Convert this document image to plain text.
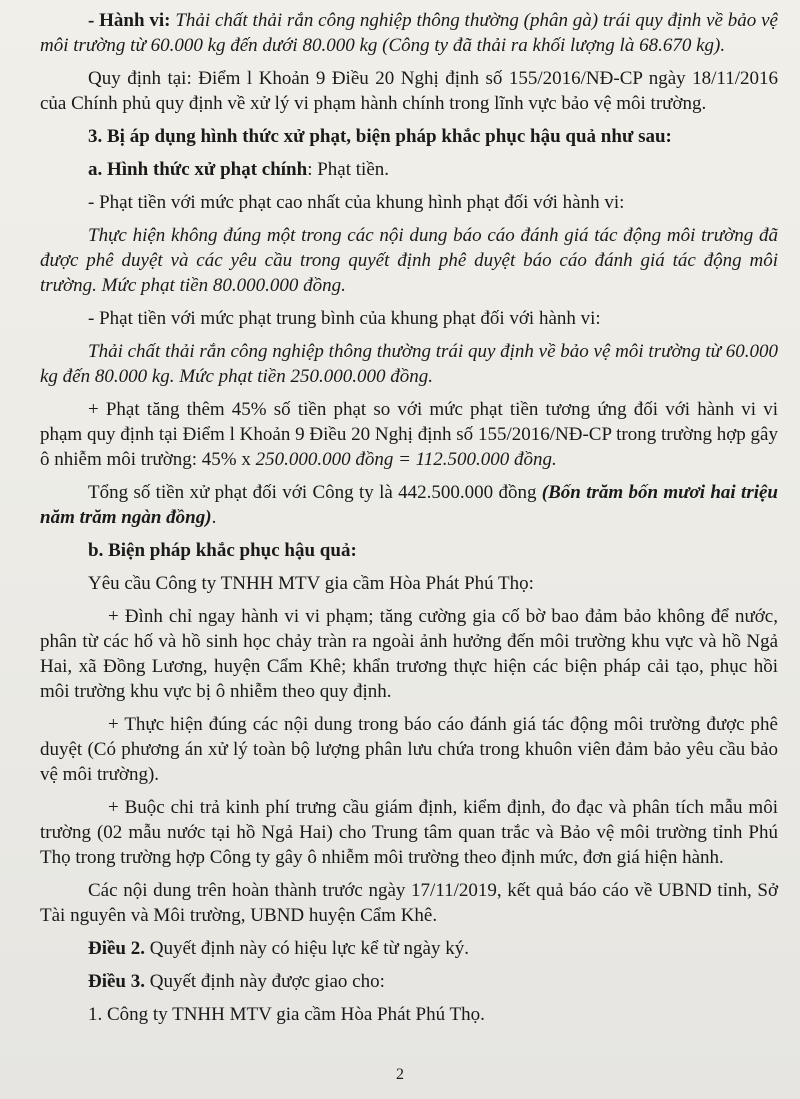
- Hành vi: Thải chất thải rắn công nghiệp thông thường (phân gà) trái quy định về bảo vệ môi trường từ 60.000 kg đến dưới 80.000 kg (Công ty đã thải ra khối lượng là 68.670 kg).

Quy định tại: Điểm l Khoản 9 Điều 20 Nghị định số 155/2016/NĐ-CP ngày 18/11/2016 của Chính phủ quy định về xử lý vi phạm hành chính trong lĩnh vực bảo vệ môi trường.

3. Bị áp dụng hình thức xử phạt, biện pháp khắc phục hậu quả như sau:

a. Hình thức xử phạt chính: Phạt tiền.

- Phạt tiền với mức phạt cao nhất của khung hình phạt đối với hành vi:

Thực hiện không đúng một trong các nội dung báo cáo đánh giá tác động môi trường đã được phê duyệt và các yêu cầu trong quyết định phê duyệt báo cáo đánh giá tác động môi trường. Mức phạt tiền 80.000.000 đồng.

- Phạt tiền với mức phạt trung bình của khung phạt đối với hành vi:

Thải chất thải rắn công nghiệp thông thường trái quy định về bảo vệ môi trường từ 60.000 kg đến 80.000 kg. Mức phạt tiền 250.000.000 đồng.

+ Phạt tăng thêm 45% số tiền phạt so với mức phạt tiền tương ứng đối với hành vi vi phạm quy định tại Điểm l Khoản 9 Điều 20 Nghị định số 155/2016/NĐ-CP trong trường hợp gây ô nhiễm môi trường: 45% x 250.000.000 đồng = 112.500.000 đồng.

Tổng số tiền xử phạt đối với Công ty là 442.500.000 đồng (Bốn trăm bốn mươi hai triệu năm trăm ngàn đồng).

b. Biện pháp khắc phục hậu quả:

Yêu cầu Công ty TNHH MTV gia cầm Hòa Phát Phú Thọ:

+ Đình chỉ ngay hành vi vi phạm; tăng cường gia cố bờ bao đảm bảo không để nước, phân từ các hố và hồ sinh học chảy tràn ra ngoài ảnh hưởng đến môi trường khu vực và hồ Ngả Hai, xã Đồng Lương, huyện Cẩm Khê; khẩn trương thực hiện các biện pháp cải tạo, phục hồi môi trường khu vực bị ô nhiễm theo quy định.

+ Thực hiện đúng các nội dung trong báo cáo đánh giá tác động môi trường được phê duyệt (Có phương án xử lý toàn bộ lượng phân lưu chứa trong khuôn viên đảm bảo yêu cầu bảo vệ môi trường).

+ Buộc chi trả kinh phí trưng cầu giám định, kiểm định, đo đạc và phân tích mẫu môi trường (02 mẫu nước tại hồ Ngả Hai) cho Trung tâm quan trắc và Bảo vệ môi trường tỉnh Phú Thọ trong trường hợp Công ty gây ô nhiễm môi trường theo định mức, đơn giá hiện hành.

Các nội dung trên hoàn thành trước ngày 17/11/2019, kết quả báo cáo về UBND tỉnh, Sở Tài nguyên và Môi trường, UBND huyện Cẩm Khê.

Điều 2. Quyết định này có hiệu lực kể từ ngày ký.

Điều 3. Quyết định này được giao cho:

1. Công ty TNHH MTV gia cầm Hòa Phát Phú Thọ.

2
